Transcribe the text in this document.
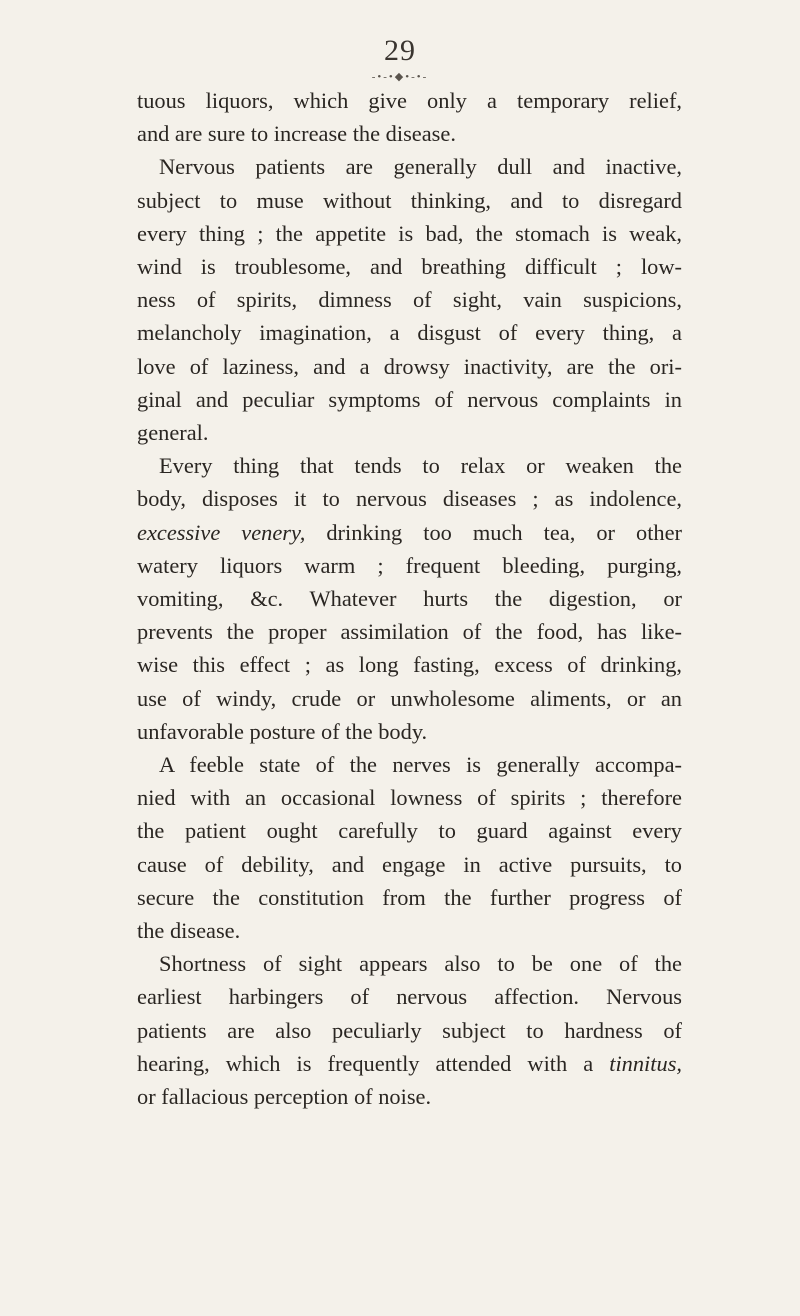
29
-•-•◆•-•-
tuous liquors, which give only a temporary relief,
and are sure to increase the disease.
Nervous patients are generally dull and inactive,
subject to muse without thinking, and to disregard
every thing ; the appetite is bad, the stomach is weak,
wind is troublesome, and breathing difficult ; low-
ness of spirits, dimness of sight, vain suspicions,
melancholy imagination, a disgust of every thing, a
love of laziness, and a drowsy inactivity, are the ori-
ginal and peculiar symptoms of nervous complaints in
general.
Every thing that tends to relax or weaken the
body, disposes it to nervous diseases ; as indolence,
excessive venery, drinking too much tea, or other
watery liquors warm ; frequent bleeding, purging,
vomiting, &c. Whatever hurts the digestion, or
prevents the proper assimilation of the food, has like-
wise this effect ; as long fasting, excess of drinking,
use of windy, crude or unwholesome aliments, or an
unfavorable posture of the body.
A feeble state of the nerves is generally accompa-
nied with an occasional lowness of spirits ; therefore
the patient ought carefully to guard against every
cause of debility, and engage in active pursuits, to
secure the constitution from the further progress of
the disease.
Shortness of sight appears also to be one of the
earliest harbingers of nervous affection. Nervous
patients are also peculiarly subject to hardness of
hearing, which is frequently attended with a tinnitus,
or fallacious perception of noise.
